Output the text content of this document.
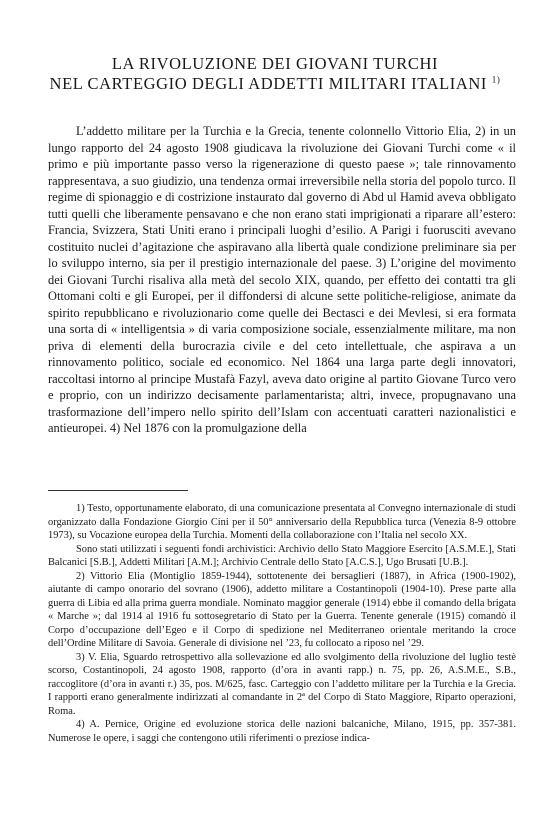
LA RIVOLUZIONE DEI GIOVANI TURCHI
NEL CARTEGGIO DEGLI ADDETTI MILITARI ITALIANI $^{1)}$

L’addetto militare per la Turchia e la Grecia, tenente colonnello Vittorio Elia, 2) in un lungo rapporto del 24 agosto 1908 giudicava la rivoluzione dei Giovani Turchi come « il primo e più importante passo verso la rigenerazione di questo paese »; tale rinnovamento rappresentava, a suo giudizio, una tendenza ormai irreversibile nella storia del popolo turco. Il regime di spionaggio e di costrizione instaurato dal governo di Abd ul Hamid aveva obbligato tutti quelli che liberamente pensavano e che non erano stati imprigionati a riparare all’estero: Francia, Svizzera, Stati Uniti erano i principali luoghi d’esilio. A Parigi i fuorusciti avevano costituito nuclei d’agitazione che aspiravano alla libertà quale condizione preliminare sia per lo sviluppo interno, sia per il prestigio internazionale del paese. 3) L’origine del movimento dei Giovani Turchi risaliva alla metà del secolo XIX, quando, per effetto dei contatti tra gli Ottomani colti e gli Europei, per il diffondersi di alcune sette politiche-religiose, animate da spirito repubblicano e rivoluzionario come quelle dei Bectasci e dei Mevlesi, si era formata una sorta di « intelligentsia » di varia composizione sociale, essenzialmente militare, ma non priva di elementi della burocrazia civile e del ceto intellettuale, che aspirava a un rinnovamento politico, sociale ed economico. Nel 1864 una larga parte degli innovatori, raccoltasi intorno al principe Mustafà Fazyl, aveva dato origine al partito Giovane Turco vero e proprio, con un indirizzo decisamente parlamentarista; altri, invece, propugnavano una trasformazione dell’impero nello spirito dell’Islam con accentuati caratteri nazionalistici e antieuropei. 4) Nel 1876 con la promulgazione della

1) Testo, opportunamente elaborato, di una comunicazione presentata al Convegno internazionale di studi organizzato dalla Fondazione Giorgio Cini per il 50° anniversario della Repubblica turca (Venezia 8-9 ottobre 1973), su Vocazione europea della Turchia. Momenti della collaborazione con l’Italia nel secolo XX.

Sono stati utilizzati i seguenti fondi archivistici: Archivio dello Stato Maggiore Esercito [A.S.M.E.], Stati Balcanici [S.B.], Addetti Militari [A.M.]; Archivio Centrale dello Stato [A.C.S.], Ugo Brusati [U.B.].

2) Vittorio Elia (Montiglio 1859-1944), sottotenente dei bersaglieri (1887), in Africa (1900-1902), aiutante di campo onorario del sovrano (1906), addetto militare a Costantinopoli (1904-10). Prese parte alla guerra di Libia ed alla prima guerra mondiale. Nominato maggior generale (1914) ebbe il comando della brigata « Marche »; dal 1914 al 1916 fu sottosegretario di Stato per la Guerra. Tenente generale (1915) comandò il Corpo d’occupazione dell’Egeo e il Corpo di spedizione nel Mediterraneo orientale meritando la croce dell’Ordine Militare di Savoia. Generale di divisione nel ’23, fu collocato a riposo nel ’29.

3) V. Elia, Sguardo retrospettivo alla sollevazione ed allo svolgimento della rivoluzione del luglio testè scorso, Costantinopoli, 24 agosto 1908, rapporto (d’ora in avanti rapp.) n. 75, pp. 26, A.S.M.E., S.B., raccoglitore (d’ora in avanti r.) 35, pos. M/625, fasc. Carteggio con l’addetto militare per la Turchia e la Grecia. I rapporti erano generalmente indirizzati al comandante in 2ª del Corpo di Stato Maggiore, Riparto operazioni, Roma.

4) A. Pernice, Origine ed evoluzione storica delle nazioni balcaniche, Milano, 1915, pp. 357-381. Numerose le opere, i saggi che contengono utili riferimenti o preziose indica-
